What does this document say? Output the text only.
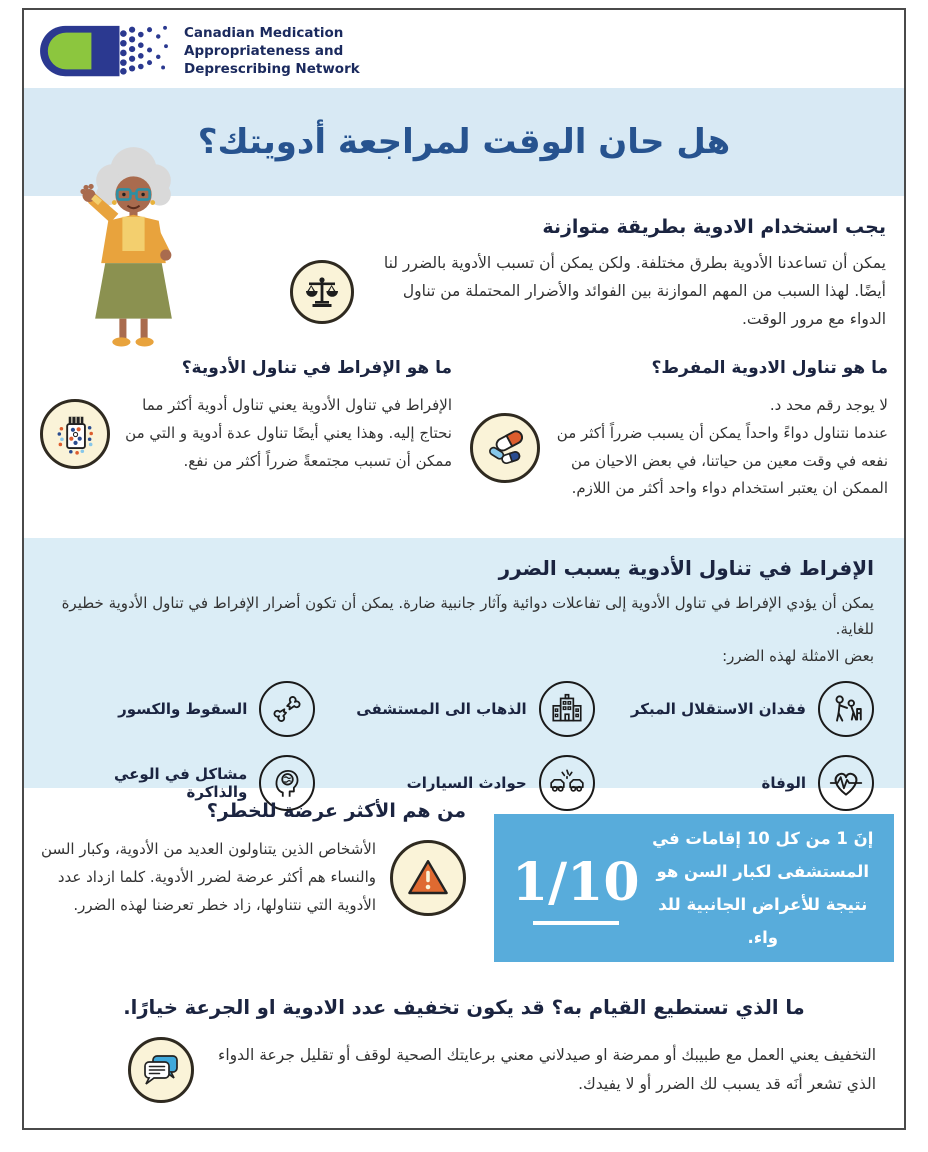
Canadian Medication
Appropriateness and
Deprescribing Network
هل حان الوقت لمراجعة أدويتك؟
يجب استخدام الادوية بطريقة متوازنة
يمكن أن تساعدنا الأدوية بطرق مختلفة. ولكن يمكن أن تسبب الأدوية بالضرر لنا أيضًا. لهذا السبب من المهم الموازنة بين الفوائد والأضرار المحتملة من تناول الدواء مع مرور الوقت.
ما هو تناول الادوية المفرط؟
لا يوجد رقم محد د.
عندما نتناول دواءً واحداً يمكن أن يسبب ضرراً أكثر من نفعه في وقت معين من حياتنا، في بعض الاحيان من الممكن ان يعتبر استخدام دواء واحد أكثر من اللازم.
ما هو الإفراط في تناول الأدوية؟
الإفراط في تناول الأدوية يعني تناول أدوية أكثر مما نحتاج إليه. وهذا يعني أيضًا تناول عدة أدوية و التي من ممكن أن تسبب مجتمعةً ضرراً أكثر من نفع.
الإفراط في تناول الأدوية يسبب الضرر
يمكن أن يؤدي الإفراط في تناول الأدوية إلى تفاعلات دوائية وآثار جانبية ضارة. يمكن أن تكون أضرار الإفراط في تناول الأدوية خطيرة للغاية.
بعض الامثلة لهذه الضرر:
فقدان الاستقلال المبكر
الذهاب الى المستشفى
السقوط والكسور
الوفاة
حوادث السيارات
مشاكل في الوعي والذاكرة
من هم الأكثر عرضة للخطر؟
الأشخاص الذين يتناولون العديد من الأدوية، وكبار السن والنساء هم أكثر عرضة لضرر الأدوية. كلما ازداد عدد الأدوية التي نتناولها، زاد خطر تعرضنا لهذه الضرر.
إنَ 1 من كل 10 إقامات في المستشفى لكبار السن هو نتيجة للأعراض الجانبية للد واء.
1/10
ما الذي تستطيع القيام به؟ قد يكون تخفيف عدد الادوية او الجرعة خيارًا.
التخفيف يعني العمل مع طبيبك أو ممرضة او صيدلاني معني برعايتك الصحية لوقف أو تقليل جرعة الدواء الذي تشعر أنَه قد يسبب لك الضرر أو لا يفيدك.
